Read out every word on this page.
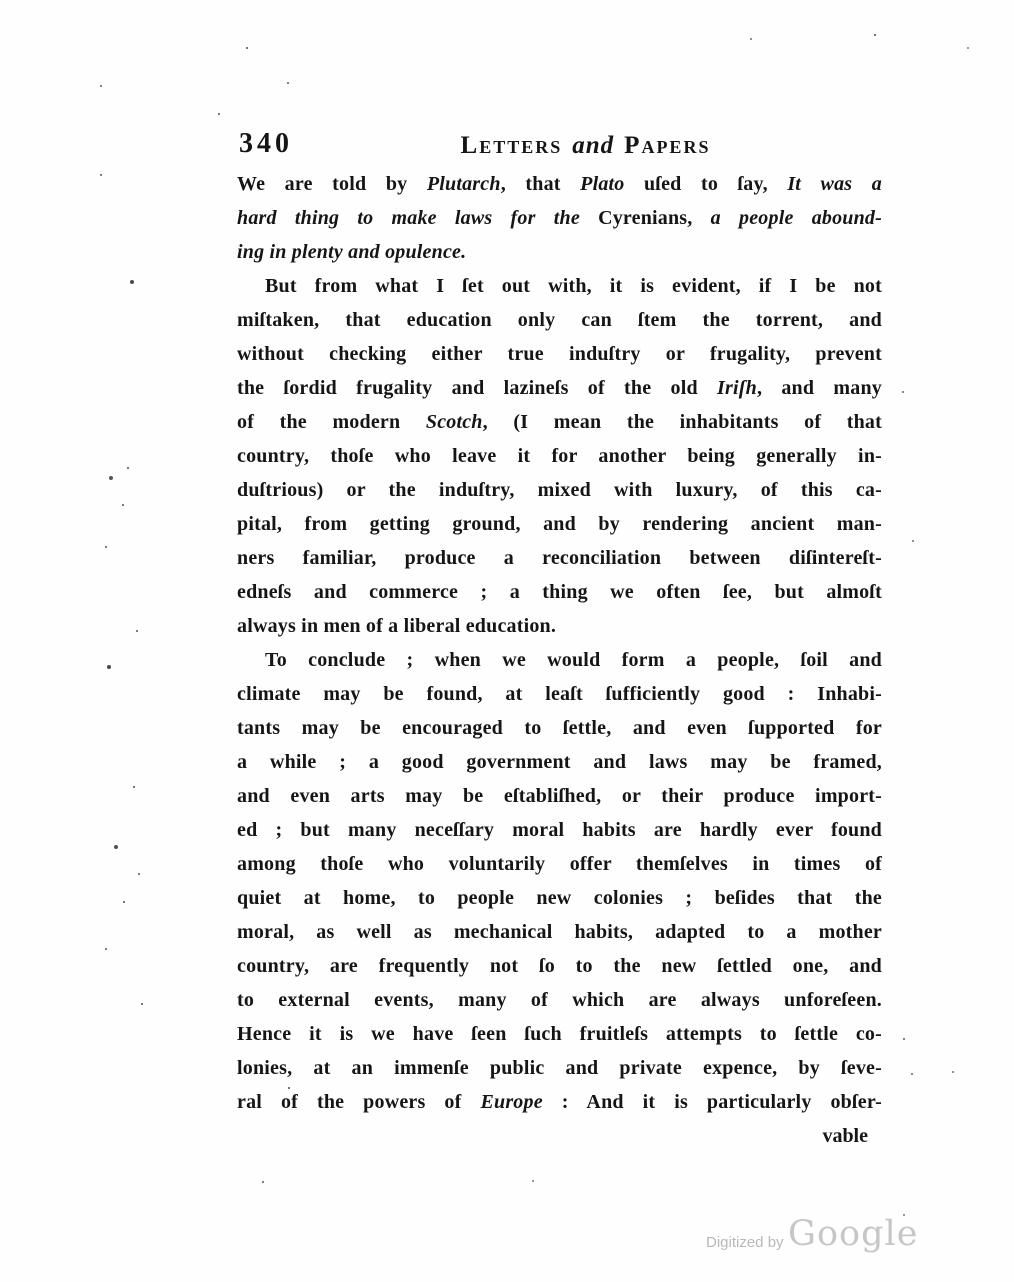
340	Letters and Papers
We are told by Plutarch, that Plato uſed to ſay, It was a
hard thing to make laws for the Cyrenians, a people abound-
ing in plenty and opulence.
But from what I ſet out with, it is evident, if I be not
miſtaken, that education only can ſtem the torrent, and
without checking either true induſtry or frugality, prevent
the ſordid frugality and lazineſs of the old Iriſh, and many
of the modern Scotch, (I mean the inhabitants of that
country, thoſe who leave it for another being generally in-
duſtrious) or the induſtry, mixed with luxury, of this ca-
pital, from getting ground, and by rendering ancient man-
ners familiar, produce a reconciliation between diſintereſt-
edneſs and commerce ; a thing we often ſee, but almoſt
always in men of a liberal education.
To conclude ; when we would form a people, ſoil and
climate may be found, at leaſt ſufficiently good : Inhabi-
tants may be encouraged to ſettle, and even ſupported for
a while ; a good government and laws may be framed,
and even arts may be eſtabliſhed, or their produce import-
ed ; but many neceſſary moral habits are hardly ever found
among thoſe who voluntarily offer themſelves in times of
quiet at home, to people new colonies ; beſides that the
moral, as well as mechanical habits, adapted to a mother
country, are frequently not ſo to the new ſettled one, and
to external events, many of which are always unforeſeen.
Hence it is we have ſeen ſuch fruitleſs attempts to ſettle co-
lonies, at an immenſe public and private expence, by ſeve-
ral of the powers of Europe : And it is particularly obſer-
vable
Digitized by Google
